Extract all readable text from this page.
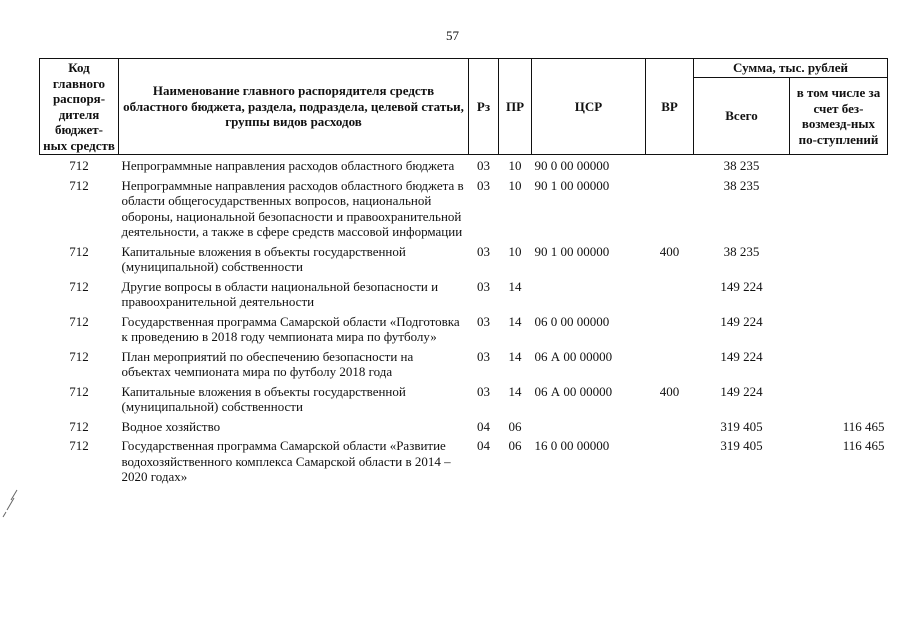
57
Код главного распоря-дителя бюджет-ных средств	Наименование главного распорядителя средств областного бюджета, раздела, подраздела, целевой статьи, группы видов расходов	Рз	ПР	ЦСР	ВР	Сумма, тыс. рублей	
						Всего	в том числе за счет без-возмезд-ных по-ступлений
712	Непрограммные направления расходов областного бюджета	03	10	90 0 00 00000		38 235	
712	Непрограммные направления расходов областного бюджета в области общегосударственных вопросов, национальной обороны, национальной безопасности и правоохранительной деятельности, а также в сфере средств массовой информации	03	10	90 1 00 00000		38 235	
712	Капитальные вложения в объекты государственной (муниципальной) собственности	03	10	90 1 00 00000	400	38 235	
712	Другие вопросы в области национальной безопасности и правоохранительной деятельности	03	14			149 224	
712	Государственная программа Самарской области «Подготовка к проведению в 2018 году чемпионата мира по футболу»	03	14	06 0 00 00000		149 224	
712	План мероприятий по обеспечению безопасности на объектах чемпионата мира по футболу 2018 года	03	14	06 А 00 00000		149 224	
712	Капитальные вложения в объекты государственной (муниципальной) собственности	03	14	06 А 00 00000	400	149 224	
712	Водное хозяйство	04	06			319 405	116 465
712	Государственная программа Самарской области «Развитие водохозяйственного комплекса Самарской области в 2014 – 2020 годах»	04	06	16 0 00 00000		319 405	116 465
